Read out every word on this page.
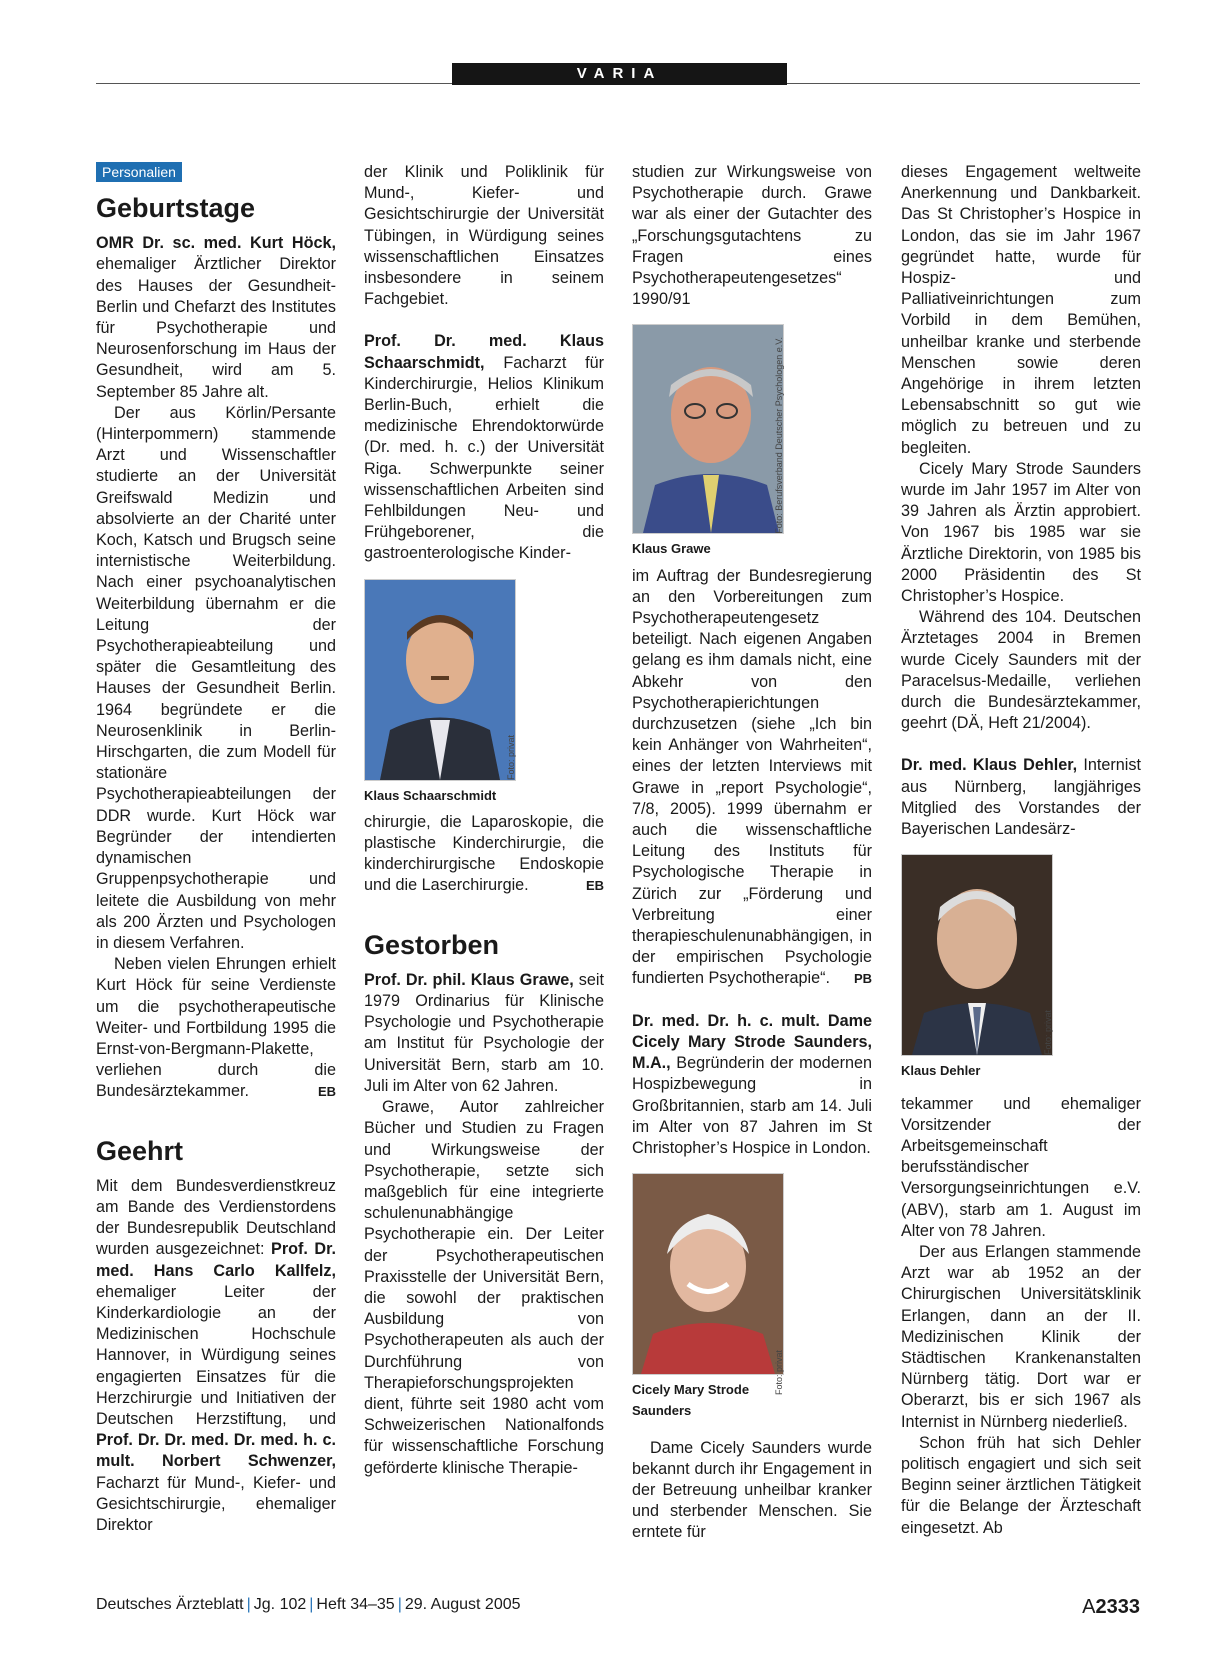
VARIA
Personalien
Geburtstage

OMR Dr. sc. med. Kurt Höck, ehemaliger Ärztlicher Direktor des Hauses der Gesundheit-Berlin und Chefarzt des Institutes für Psychotherapie und Neurosenforschung im Haus der Gesundheit, wird am 5. September 85 Jahre alt.

Der aus Körlin/Persante (Hinterpommern) stammende Arzt und Wissenschaftler studierte an der Universität Greifswald Medizin und absolvierte an der Charité unter Koch, Katsch und Brugsch seine internistische Weiterbildung. Nach einer psychoanalytischen Weiterbildung übernahm er die Leitung der Psychotherapieabteilung und später die Gesamtleitung des Hauses der Gesundheit Berlin. 1964 begründete er die Neurosenklinik in Berlin-Hirschgarten, die zum Modell für stationäre Psychotherapieabteilungen der DDR wurde. Kurt Höck war Begründer der intendierten dynamischen Gruppenpsychotherapie und leitete die Ausbildung von mehr als 200 Ärzten und Psychologen in diesem Verfahren.

Neben vielen Ehrungen erhielt Kurt Höck für seine Verdienste um die psychotherapeutische Weiter- und Fortbildung 1995 die Ernst-von-Bergmann-Plakette, verliehen durch die Bundesärztekammer.	EB

Geehrt

Mit dem Bundesverdienstkreuz am Bande des Verdienstordens der Bundesrepublik Deutschland wurden ausgezeichnet: Prof. Dr. med. Hans Carlo Kallfelz, ehemaliger Leiter der Kinderkardiologie an der Medizinischen Hochschule Hannover, in Würdigung seines engagierten Einsatzes für die Herzchirurgie und Initiativen der Deutschen Herzstiftung, und Prof. Dr. Dr. med. Dr. med. h. c. mult. Norbert Schwenzer, Facharzt für Mund-, Kiefer- und Gesichtschirurgie, ehemaliger Direktor

der Klinik und Poliklinik für Mund-, Kiefer- und Gesichtschirurgie der Universität Tübingen, in Würdigung seines wissenschaftlichen Einsatzes insbesondere in seinem Fachgebiet.

Prof. Dr. med. Klaus Schaarschmidt, Facharzt für Kinderchirurgie, Helios Klinikum Berlin-Buch, erhielt die medizinische Ehrendoktorwürde (Dr. med. h. c.) der Universität Riga. Schwerpunkte seiner wissenschaftlichen Arbeiten sind Fehlbildungen Neu- und Frühgeborener, die gastroenterologische Kinder-

Foto: privat
Klaus Schaarschmidt

chirurgie, die Laparoskopie, die plastische Kinderchirurgie, die kinderchirurgische Endoskopie und die Laserchirurgie.	EB

Gestorben

Prof. Dr. phil. Klaus Grawe, seit 1979 Ordinarius für Klinische Psychologie und Psychotherapie am Institut für Psychologie der Universität Bern, starb am 10. Juli im Alter von 62 Jahren.

Grawe, Autor zahlreicher Bücher und Studien zu Fragen und Wirkungsweise der Psychotherapie, setzte sich maßgeblich für eine integrierte schulenunabhängige Psychotherapie ein. Der Leiter der Psychotherapeutischen Praxisstelle der Universität Bern, die sowohl der praktischen Ausbildung von Psychotherapeuten als auch der Durchführung von Therapieforschungsprojekten dient, führte seit 1980 acht vom Schweizerischen Nationalfonds für wissenschaftliche Forschung geförderte klinische Therapie-

studien zur Wirkungsweise von Psychotherapie durch. Grawe war als einer der Gutachter des „Forschungsgutachtens zu Fragen eines Psychotherapeutengesetzes“ 1990/91

Foto: Berufsverband Deutscher Psychologen e.V.
Klaus Grawe

im Auftrag der Bundesregierung an den Vorbereitungen zum Psychotherapeutengesetz beteiligt. Nach eigenen Angaben gelang es ihm damals nicht, eine Abkehr von den Psychotherapierichtungen durchzusetzen (siehe „Ich bin kein Anhänger von Wahrheiten“, eines der letzten Interviews mit Grawe in „report Psychologie“, 7/8, 2005). 1999 übernahm er auch die wissenschaftliche Leitung des Instituts für Psychologische Therapie in Zürich zur „Förderung und Verbreitung einer therapieschulenunabhängigen, in der empirischen Psychologie fundierten Psychotherapie“. PB

Dr. med. Dr. h. c. mult. Dame Cicely Mary Strode Saunders, M.A., Begründerin der modernen Hospizbewegung in Großbritannien, starb am 14. Juli im Alter von 87 Jahren im St Christopher’s Hospice in London.

Foto: privat
Cicely Mary Strode Saunders

Dame Cicely Saunders wurde bekannt durch ihr Engagement in der Betreuung unheilbar kranker und sterbender Menschen. Sie erntete für

dieses Engagement weltweite Anerkennung und Dankbarkeit. Das St Christopher’s Hospice in London, das sie im Jahr 1967 gegründet hatte, wurde für Hospiz- und Palliativeinrichtungen zum Vorbild in dem Bemühen, unheilbar kranke und sterbende Menschen sowie deren Angehörige in ihrem letzten Lebensabschnitt so gut wie möglich zu betreuen und zu begleiten.

Cicely Mary Strode Saunders wurde im Jahr 1957 im Alter von 39 Jahren als Ärztin approbiert. Von 1967 bis 1985 war sie Ärztliche Direktorin, von 1985 bis 2000 Präsidentin des St Christopher’s Hospice.

Während des 104. Deutschen Ärztetages 2004 in Bremen wurde Cicely Saunders mit der Paracelsus-Medaille, verliehen durch die Bundesärztekammer, geehrt (DÄ, Heft 21/2004).

Dr. med. Klaus Dehler, Internist aus Nürnberg, langjähriges Mitglied des Vorstandes der Bayerischen Landesärz-

Foto: privat
Klaus Dehler

tekammer und ehemaliger Vorsitzender der Arbeitsgemeinschaft berufsständischer Versorgungseinrichtungen e.V. (ABV), starb am 1. August im Alter von 78 Jahren.

Der aus Erlangen stammende Arzt war ab 1952 an der Chirurgischen Universitätsklinik Erlangen, dann an der II. Medizinischen Klinik der Städtischen Krankenanstalten Nürnberg tätig. Dort war er Oberarzt, bis er sich 1967 als Internist in Nürnberg niederließ.

Schon früh hat sich Dehler politisch engagiert und sich seit Beginn seiner ärztlichen Tätigkeit für die Belange der Ärzteschaft eingesetzt. Ab

Deutsches Ärzteblatt | Jg. 102 | Heft 34–35 | 29. August 2005	A2333
